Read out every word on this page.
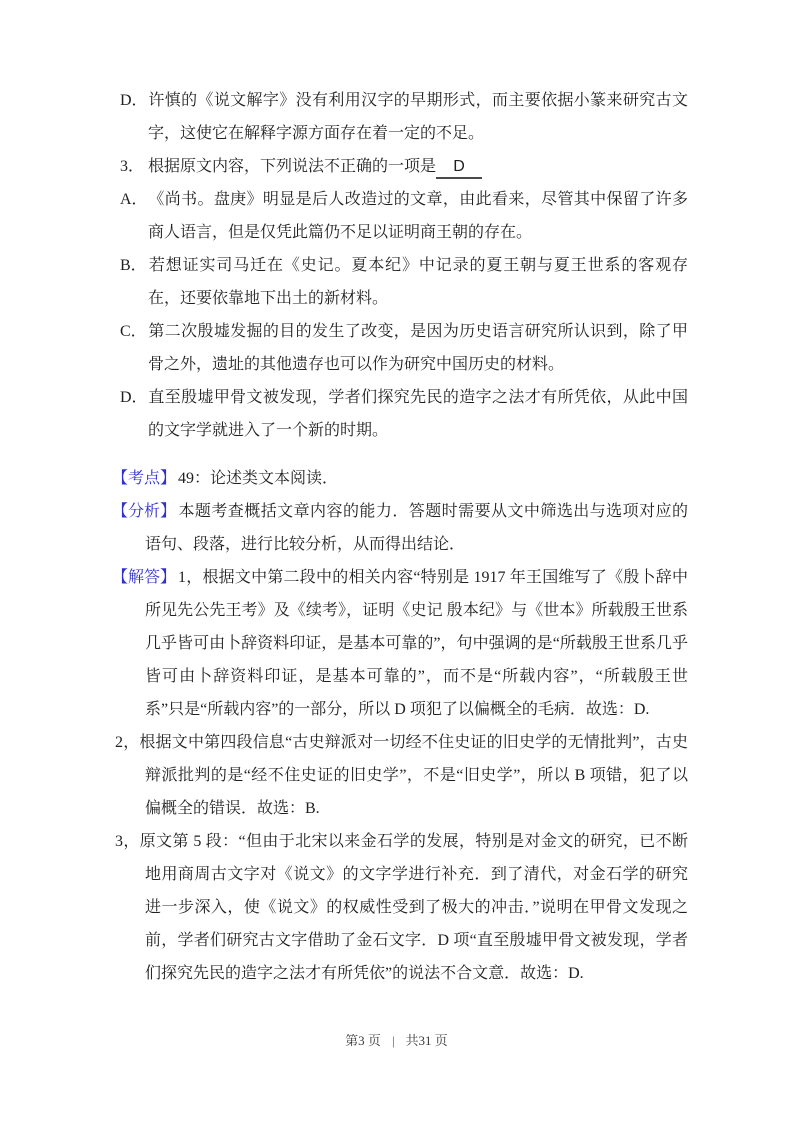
D．许慎的《说文解字》没有利用汉字的早期形式，而主要依据小篆来研究古文字，这使它在解释字源方面存在着一定的不足。

3． 根据原文内容，下列说法不正确的一项是 D

A．《尚书。盘庚》明显是后人改造过的文章，由此看来，尽管其中保留了许多商人语言，但是仅凭此篇仍不足以证明商王朝的存在。

B．若想证实司马迁在《史记。夏本纪》中记录的夏王朝与夏王世系的客观存在，还要依靠地下出土的新材料。

C．第二次殷墟发掘的目的发生了改变，是因为历史语言研究所认识到，除了甲骨之外，遗址的其他遗存也可以作为研究中国历史的材料。

D．直至殷墟甲骨文被发现，学者们探究先民的造字之法才有所凭依，从此中国的文字学就进入了一个新的时期。

【考点】 49：论述类文本阅读．

【分析】 本题考查概括文章内容的能力．答题时需要从文中筛选出与选项对应的语句、段落，进行比较分析，从而得出结论．

【解答】 1，根据文中第二段中的相关内容“特别是 1917 年王国维写了《殷卜辞中所见先公先王考》及《续考》，证明《史记 殷本纪》与《世本》所载殷王世系几乎皆可由卜辞资料印证，是基本可靠的”，句中强调的是“所载殷王世系几乎皆可由卜辞资料印证，是基本可靠的”，而不是“所载内容”，“所载殷王世系”只是“所载内容”的一部分，所以 D 项犯了以偏概全的毛病．故选：D.

2，根据文中第四段信息“古史辩派对一切经不住史证的旧史学的无情批判”，古史辩派批判的是“经不住史证的旧史学”，不是“旧史学”，所以 B 项错，犯了以偏概全的错误．故选：B.

3，原文第 5 段：“但由于北宋以来金石学的发展，特别是对金文的研究，已不断地用商周古文字对《说文》的文字学进行补充．到了清代，对金石学的研究进一步深入，使《说文》的权威性受到了极大的冲击．”说明在甲骨文发现之前，学者们研究古文字借助了金石文字．D 项“直至殷墟甲骨文被发现，学者们探究先民的造字之法才有所凭依”的说法不合文意．故选：D.

第3 页 | 共31 页
